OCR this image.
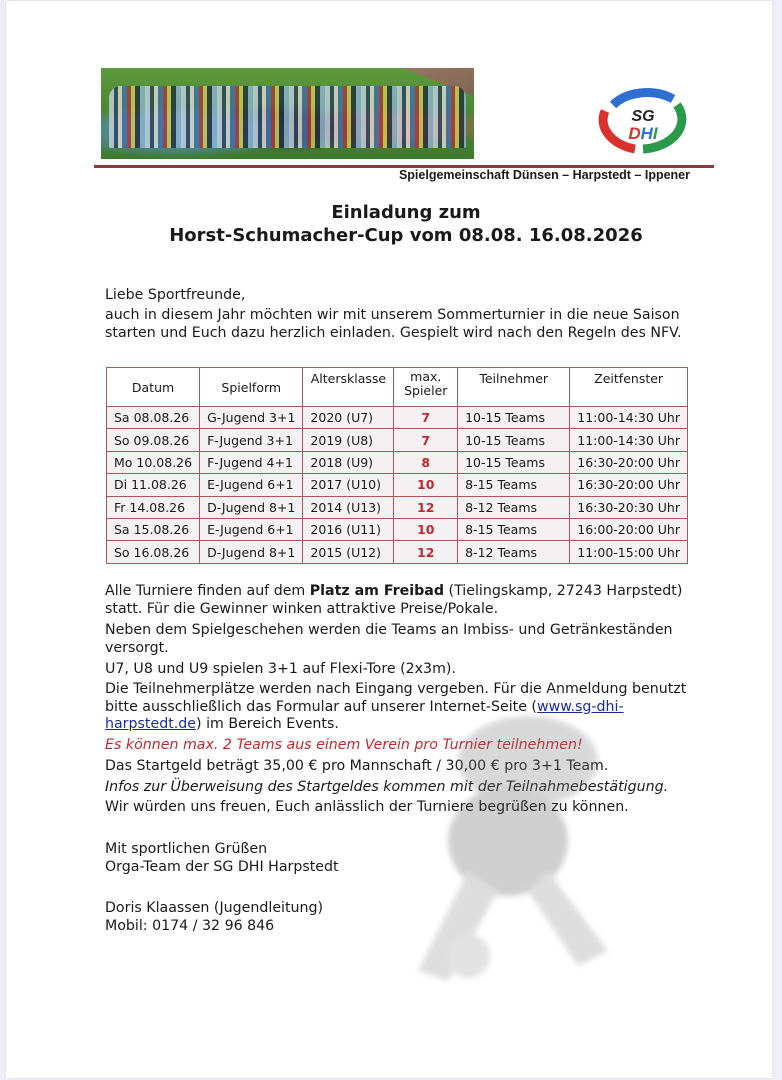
SG
DHI
Spielgemeinschaft Dünsen – Harpstedt – Ippener
Einladung zum
Horst-Schumacher-Cup vom 08.08. 16.08.2026
Liebe Sportfreunde,
auch in diesem Jahr möchten wir mit unserem Sommerturnier in die neue Saison starten und Euch dazu herzlich einladen. Gespielt wird nach den Regeln des NFV.
Datum	Spielform	Altersklasse	max. Spieler	Teilnehmer	Zeitfenster
Sa 08.08.26	G-Jugend 3+1	2020 (U7)	7	10-15 Teams	11:00-14:30 Uhr
So 09.08.26	F-Jugend 3+1	2019 (U8)	7	10-15 Teams	11:00-14:30 Uhr
Mo 10.08.26	F-Jugend 4+1	2018 (U9)	8	10-15 Teams	16:30-20:00 Uhr
Di 11.08.26	E-Jugend 6+1	2017 (U10)	10	8-15 Teams	16:30-20:00 Uhr
Fr 14.08.26	D-Jugend 8+1	2014 (U13)	12	8-12 Teams	16:30-20:30 Uhr
Sa 15.08.26	E-Jugend 6+1	2016 (U11)	10	8-15 Teams	16:00-20:00 Uhr
So 16.08.26	D-Jugend 8+1	2015 (U12)	12	8-12 Teams	11:00-15:00 Uhr
Alle Turniere finden auf dem Platz am Freibad (Tielingskamp, 27243 Harpstedt) statt. Für die Gewinner winken attraktive Preise/Pokale.
Neben dem Spielgeschehen werden die Teams an Imbiss- und Getränkeständen versorgt.
U7, U8 und U9 spielen 3+1 auf Flexi-Tore (2x3m).
Die Teilnehmerplätze werden nach Eingang vergeben. Für die Anmeldung benutzt bitte ausschließlich das Formular auf unserer Internet-Seite (www.sg-dhi-harpstedt.de) im Bereich Events.
Es können max. 2 Teams aus einem Verein pro Turnier teilnehmen!
Das Startgeld beträgt 35,00 € pro Mannschaft / 30,00 € pro 3+1 Team.
Infos zur Überweisung des Startgeldes kommen mit der Teilnahmebestätigung.
Wir würden uns freuen, Euch anlässlich der Turniere begrüßen zu können.
Mit sportlichen Grüßen
Orga-Team der SG DHI Harpstedt
Doris Klaassen (Jugendleitung)
Mobil: 0174 / 32 96 846
